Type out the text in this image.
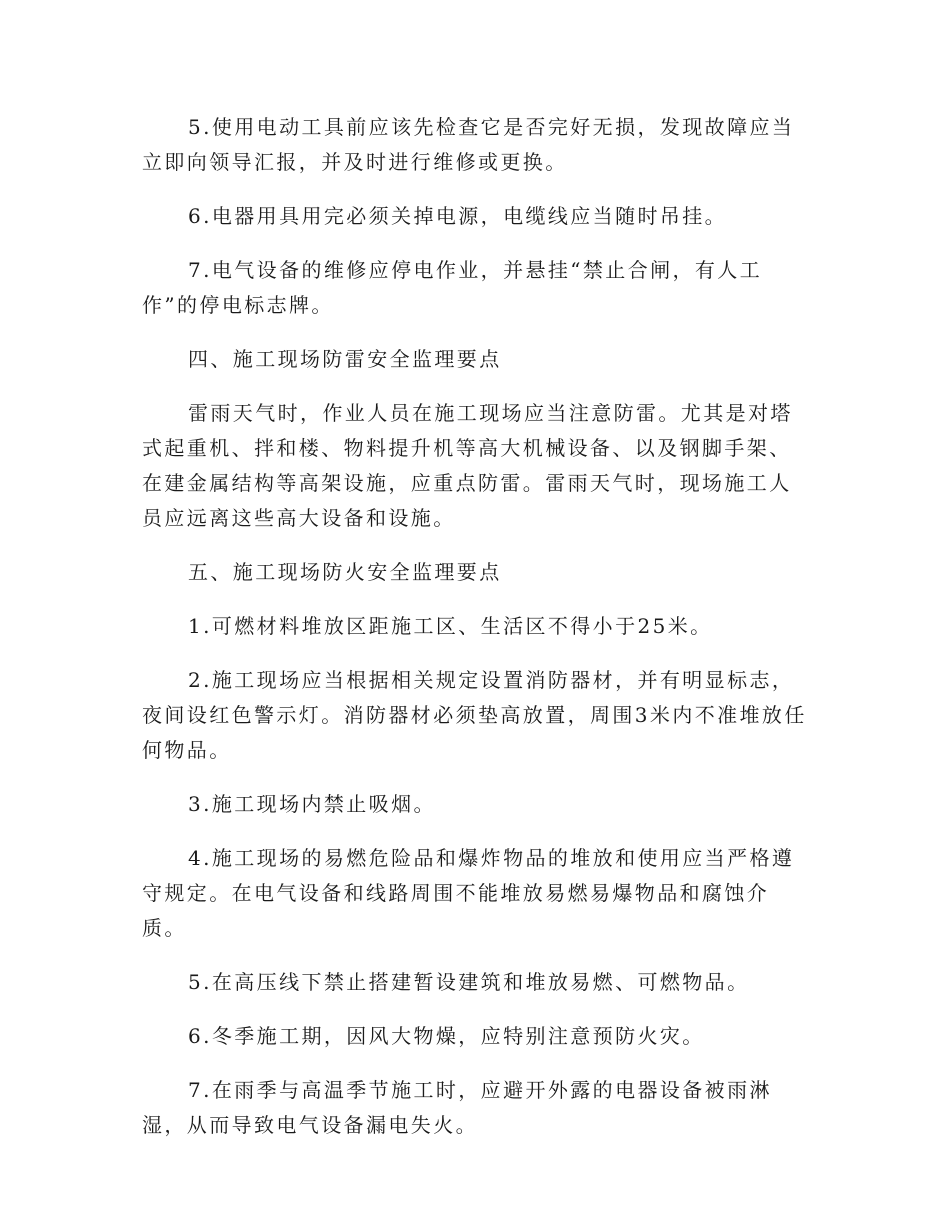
5.使用电动工具前应该先检查它是否完好无损，发现故障应当立即向领导汇报，并及时进行维修或更换。

6.电器用具用完必须关掉电源，电缆线应当随时吊挂。

7.电气设备的维修应停电作业，并悬挂“禁止合闸，有人工作”的停电标志牌。

四、施工现场防雷安全监理要点

雷雨天气时，作业人员在施工现场应当注意防雷。尤其是对塔式起重机、拌和楼、物料提升机等高大机械设备、以及钢脚手架、在建金属结构等高架设施，应重点防雷。雷雨天气时，现场施工人员应远离这些高大设备和设施。

五、施工现场防火安全监理要点

1.可燃材料堆放区距施工区、生活区不得小于25米。

2.施工现场应当根据相关规定设置消防器材，并有明显标志，夜间设红色警示灯。消防器材必须垫高放置，周围3米内不准堆放任何物品。

3.施工现场内禁止吸烟。

4.施工现场的易燃危险品和爆炸物品的堆放和使用应当严格遵守规定。在电气设备和线路周围不能堆放易燃易爆物品和腐蚀介质。

5.在高压线下禁止搭建暂设建筑和堆放易燃、可燃物品。

6.冬季施工期，因风大物燥，应特别注意预防火灾。

7.在雨季与高温季节施工时，应避开外露的电器设备被雨淋湿，从而导致电气设备漏电失火。
